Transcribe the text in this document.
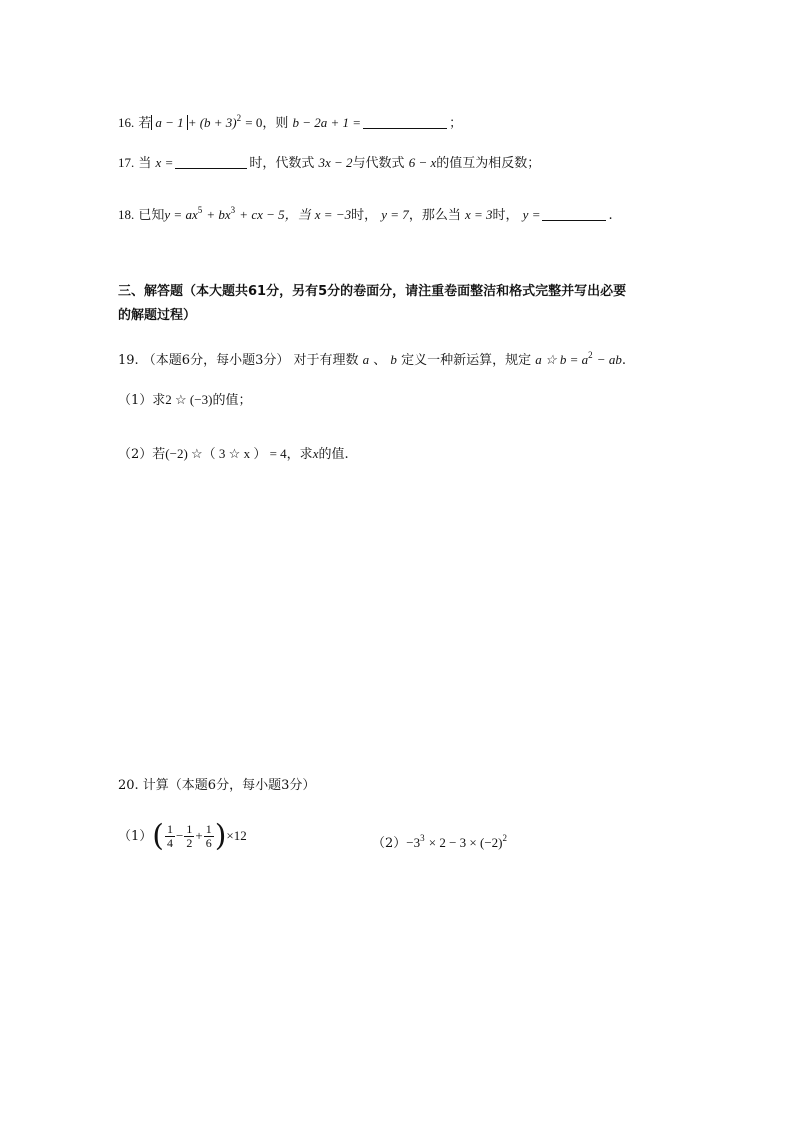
16. 若 $a - 1 + (b + 3)^2 = 0$，则 b − 2a + 1 =	；
17. 当 x =	时，代数式 3x − 2与代数式 6 − x的值互为相反数；
18. 已知$y = ax^5 + bx^3$ + cx − 5，当 x = −3时， y = 7，那么当 x = 3时， y =	.
三、解答题（本大题共61分，另有5分的卷面分，请注重卷面整洁和格式完整并写出必要
的解题过程）
19. （本题6分，每小题3分） 对于有理数 a 、 b 定义一种新运算，规定 a ☆ $b = a^2$ − ab.
（1）求2 ☆ (−3)的值；
（2）若(−2) ☆（ 3 ☆ x ） = 4，求x的值.
20. 计算（本题6分，每小题3分）
$(1)( \frac{1}{4} - \frac{1}{2} + \frac{1}{6} )\times 12$
$(2)-3^3 \times 2 - 3 \times (-2)^2$
